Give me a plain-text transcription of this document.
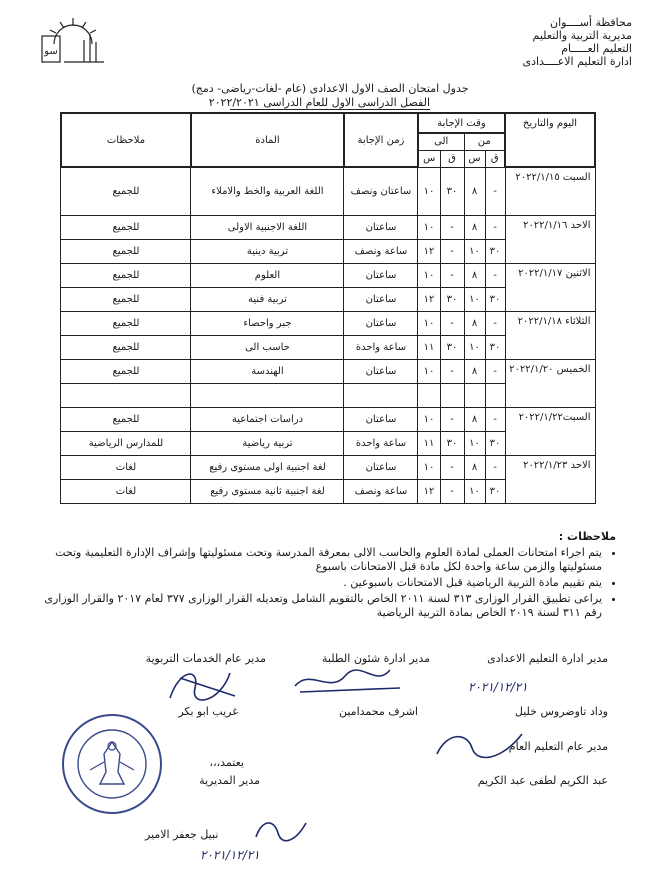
محافظة أســــوان
مديرية التربية والتعليم
التعليم العـــــام
ادارة التعليم الاعــــدادى
سو
جدول امتحان الصف الاول الاعدادى (عام -لغات-رياضى- دمج)
الفصل الدراسى الاول للعام الدراسى ٢٠٢٢/٢٠٢١
اليوم والتاريخ	وقت الإجابة				زمن الإجابة	المادة	ملاحظات
	من		الى				
	ق	س	ق	س			
السبت ٢٠٢٢/١/١٥	-	٨	٣٠	١٠	ساعتان ونصف	اللغة العربية والخط والاملاء	للجميع
الاحد ٢٠٢٢/١/١٦	-	٨	-	١٠	ساعتان	اللغة الاجنبية الاولى	للجميع
	٣٠	١٠	-	١٢	ساعة ونصف	تربية دينية	للجميع
الاثنين ٢٠٢٢/١/١٧	-	٨	-	١٠	ساعتان	العلوم	للجميع
	٣٠	١٠	٣٠	١٢	ساعتان	تربية فنية	للجميع
الثلاثاء ٢٠٢٢/١/١٨	-	٨	-	١٠	ساعتان	جبر واحصاء	للجميع
	٣٠	١٠	٣٠	١١	ساعة واحدة	حاسب الى	للجميع
الخميس ٢٠٢٢/١/٢٠	-	٨	-	١٠	ساعتان	الهندسة	للجميع

السبت٢٠٢٢/١/٢٢	-	٨	-	١٠	ساعتان	دراسات اجتماعية	للجميع
	٣٠	١٠	٣٠	١١	ساعة واحدة	تربية رياضية	للمدارس الرياضية
الاحد ٢٠٢٢/١/٢٣	-	٨	-	١٠	ساعتان	لغة اجنبية اولى مستوى رفيع	لغات
	٣٠	١٠	-	١٢	ساعة ونصف	لغة اجنبية ثانية مستوى رفيع	لغات
ملاحظات :
• يتم اجراء امتحانات العملى لمادة العلوم والحاسب الالى بمعرفة المدرسة وتحت مسئوليتها وإشراف الإدارة التعليمية وتحت مسئوليتها والزمن ساعة واحدة لكل مادة قبل الامتحانات باسبوع
• يتم تقييم مادة التربية الرياضية قبل الامتحانات باسبوعين .
• يراعى تطبيق القرار الوزارى ٣١٣ لسنة ٢٠١١ الخاص بالتقويم الشامل وتعديله القرار الوزارى ٣٧٧ لعام ٢٠١٧ والقرار الوزارى رقم ٣١١ لسنة ٢٠١٩ الخاص بمادة التربية الرياضية
مدير ادارة التعليم الاعدادى
مدير ادارة شئون الطلبة
مدير عام الخدمات التربوية
٢٠٢١/١٢/٢١
وداد تاوضروس خليل
اشرف محمدامين
غريب ابو بكر
مدير عام التعليم العام
عبد الكريم لطفى عبد الكريم
يعتمد،،،
مدير المديرية
نبيل جعفر الامير
٢٠٢١/١٢/٢١
